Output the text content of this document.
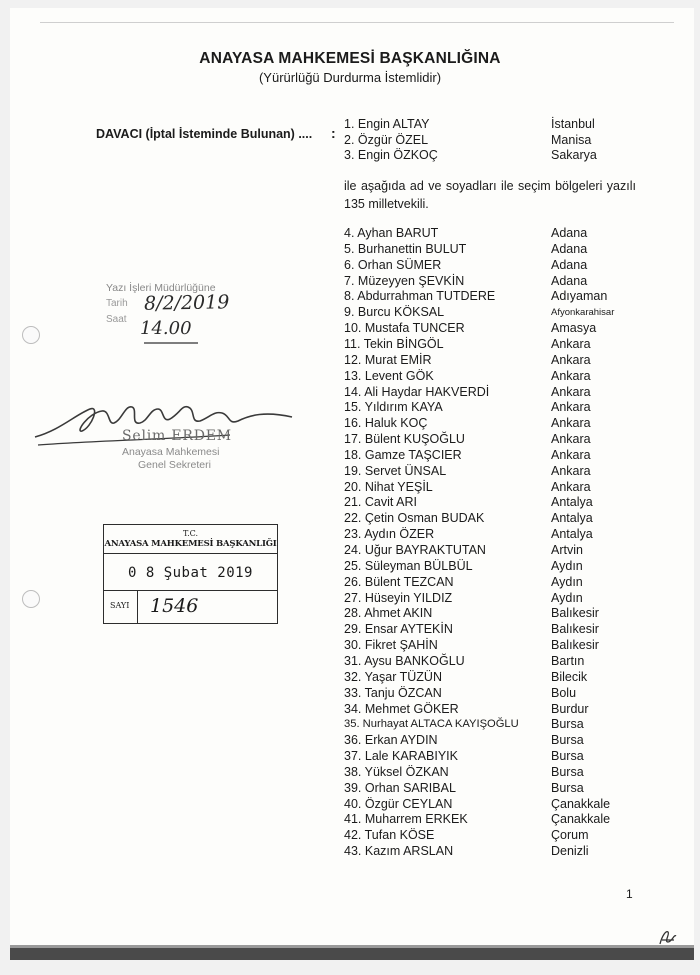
ANAYASA MAHKEMESİ BAŞKANLIĞINA
(Yürürlüğü Durdurma İstemlidir)
DAVACI (İptal İsteminde Bulunan) .... :
1. Engin ALTAY	İstanbul
2. Özgür ÖZEL	Manisa
3. Engin ÖZKOÇ	Sakarya
ile aşağıda ad ve soyadları ile seçim bölgeleri yazılı 135 milletvekili.
4. Ayhan BARUT	Adana
5. Burhanettin BULUT	Adana
6. Orhan SÜMER	Adana
7. Müzeyyen ŞEVKİN	Adana
8. Abdurrahman TUTDERE	Adıyaman
9. Burcu KÖKSAL	Afyonkarahisar
10. Mustafa TUNCER	Amasya
11. Tekin BİNGÖL	Ankara
12. Murat EMİR	Ankara
13. Levent GÖK	Ankara
14. Ali Haydar HAKVERDİ	Ankara
15. Yıldırım KAYA	Ankara
16. Haluk KOÇ	Ankara
17. Bülent KUŞOĞLU	Ankara
18. Gamze TAŞCIER	Ankara
19. Servet ÜNSAL	Ankara
20. Nihat YEŞİL	Ankara
21. Cavit ARI	Antalya
22. Çetin Osman BUDAK	Antalya
23. Aydın ÖZER	Antalya
24. Uğur BAYRAKTUTAN	Artvin
25. Süleyman BÜLBÜL	Aydın
26. Bülent TEZCAN	Aydın
27. Hüseyin YILDIZ	Aydın
28. Ahmet AKIN	Balıkesir
29. Ensar AYTEKİN	Balıkesir
30. Fikret ŞAHİN	Balıkesir
31. Aysu BANKOĞLU	Bartın
32. Yaşar TÜZÜN	Bilecik
33. Tanju ÖZCAN	Bolu
34. Mehmet GÖKER	Burdur
35. Nurhayat ALTACA KAYIŞOĞLU	Bursa
36. Erkan AYDIN	Bursa
37. Lale KARABIYIK	Bursa
38. Yüksel ÖZKAN	Bursa
39. Orhan SARIBAL	Bursa
40. Özgür CEYLAN	Çanakkale
41. Muharrem ERKEK	Çanakkale
42. Tufan KÖSE	Çorum
43. Kazım ARSLAN	Denizli
Yazı İşleri Müdürlüğüne
Tarih
Saat
8/2/2019
14.00
Selim ERDEM
Anayasa Mahkemesi
Genel Sekreteri
T.C.
ANAYASA MAHKEMESİ BAŞKANLIĞI
0 8 Şubat 2019
SAYI 1546
1
